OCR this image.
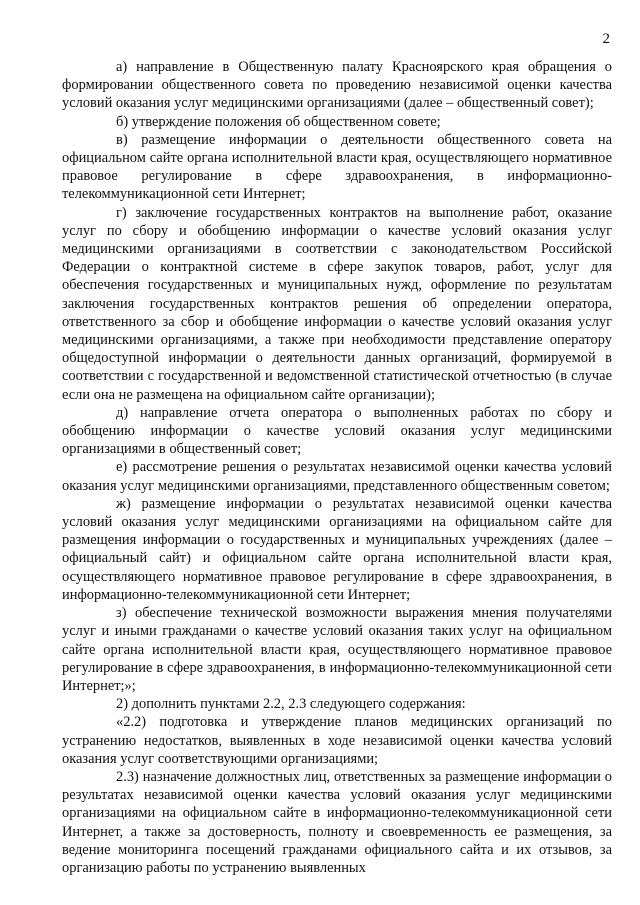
2

а) направление в Общественную палату Красноярского края обращения о формировании общественного совета по проведению независимой оценки качества условий оказания услуг медицинскими организациями (далее – общественный совет);

б) утверждение положения об общественном совете;

в) размещение информации о деятельности общественного совета на официальном сайте органа исполнительной власти края, осуществляющего нормативное правовое регулирование в сфере здравоохранения, в информационно-телекоммуникационной сети Интернет;

г) заключение государственных контрактов на выполнение работ, оказание услуг по сбору и обобщению информации о качестве условий оказания услуг медицинскими организациями в соответствии с законодательством Российской Федерации о контрактной системе в сфере закупок товаров, работ, услуг для обеспечения государственных и муниципальных нужд, оформление по результатам заключения государственных контрактов решения об определении оператора, ответственного за сбор и обобщение информации о качестве условий оказания услуг медицинскими организациями, а также при необходимости представление оператору общедоступной информации о деятельности данных организаций, формируемой в соответствии с государственной и ведомственной статистической отчетностью (в случае если она не размещена на официальном сайте организации);

д) направление отчета оператора о выполненных работах по сбору и обобщению информации о качестве условий оказания услуг медицинскими организациями в общественный совет;

е) рассмотрение решения о результатах независимой оценки качества условий оказания услуг медицинскими организациями, представленного общественным советом;

ж) размещение информации о результатах независимой оценки качества условий оказания услуг медицинскими организациями на официальном сайте для размещения информации о государственных и муниципальных учреждениях (далее – официальный сайт) и официальном сайте органа исполнительной власти края, осуществляющего нормативное правовое регулирование в сфере здравоохранения, в информационно-телекоммуникационной сети Интернет;

з) обеспечение технической возможности выражения мнения получателями услуг и иными гражданами о качестве условий оказания таких услуг на официальном сайте органа исполнительной власти края, осуществляющего нормативное правовое регулирование в сфере здравоохранения, в информационно-телекоммуникационной сети Интернет;»;

2) дополнить пунктами 2.2, 2.3 следующего содержания:

«2.2) подготовка и утверждение планов медицинских организаций по устранению недостатков, выявленных в ходе независимой оценки качества условий оказания услуг соответствующими организациями;

2.3) назначение должностных лиц, ответственных за размещение информации о результатах независимой оценки качества условий оказания услуг медицинскими организациями на официальном сайте в информационно-телекоммуникационной сети Интернет, а также за достоверность, полноту и своевременность ее размещения, за ведение мониторинга посещений гражданами официального сайта и их отзывов, за организацию работы по устранению выявленных
